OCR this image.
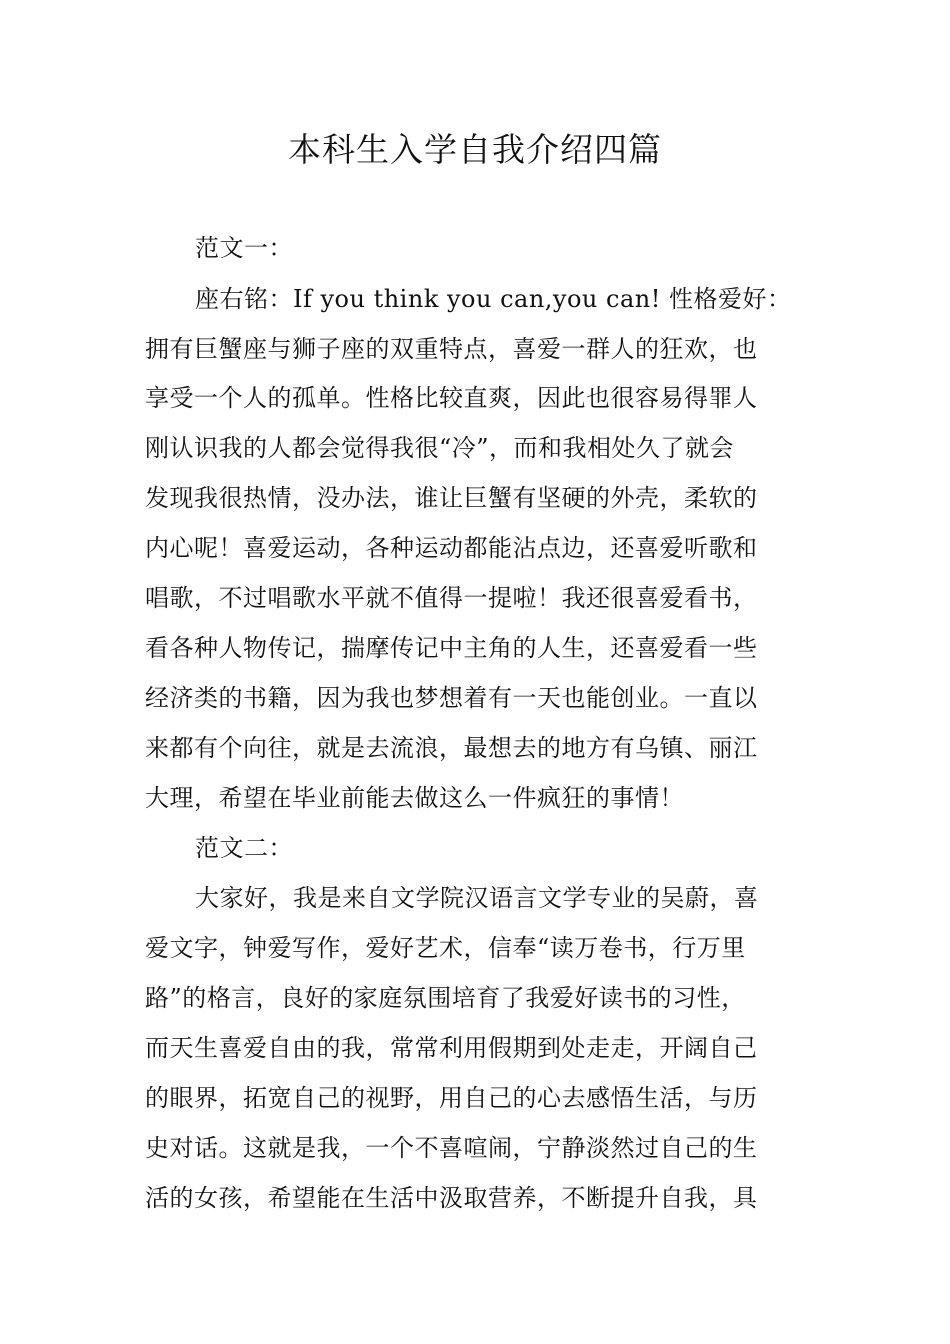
本科生入学自我介绍四篇
范文一：
座右铭：If you think you can,you can! 性格爱好：
拥有巨蟹座与狮子座的双重特点，喜爱一群人的狂欢，也
享受一个人的孤单。性格比较直爽，因此也很容易得罪人
刚认识我的人都会觉得我很“冷”，而和我相处久了就会
发现我很热情，没办法，谁让巨蟹有坚硬的外壳，柔软的
内心呢！喜爱运动，各种运动都能沾点边，还喜爱听歌和
唱歌，不过唱歌水平就不值得一提啦！我还很喜爱看书，
看各种人物传记，揣摩传记中主角的人生，还喜爱看一些
经济类的书籍，因为我也梦想着有一天也能创业。一直以
来都有个向往，就是去流浪，最想去的地方有乌镇、丽江
大理，希望在毕业前能去做这么一件疯狂的事情！
范文二：
大家好，我是来自文学院汉语言文学专业的吴蔚，喜
爱文字，钟爱写作，爱好艺术，信奉“读万卷书，行万里
路”的格言，良好的家庭氛围培育了我爱好读书的习性，
而天生喜爱自由的我，常常利用假期到处走走，开阔自己
的眼界，拓宽自己的视野，用自己的心去感悟生活，与历
史对话。这就是我，一个不喜喧闹，宁静淡然过自己的生
活的女孩，希望能在生活中汲取营养，不断提升自我，具
